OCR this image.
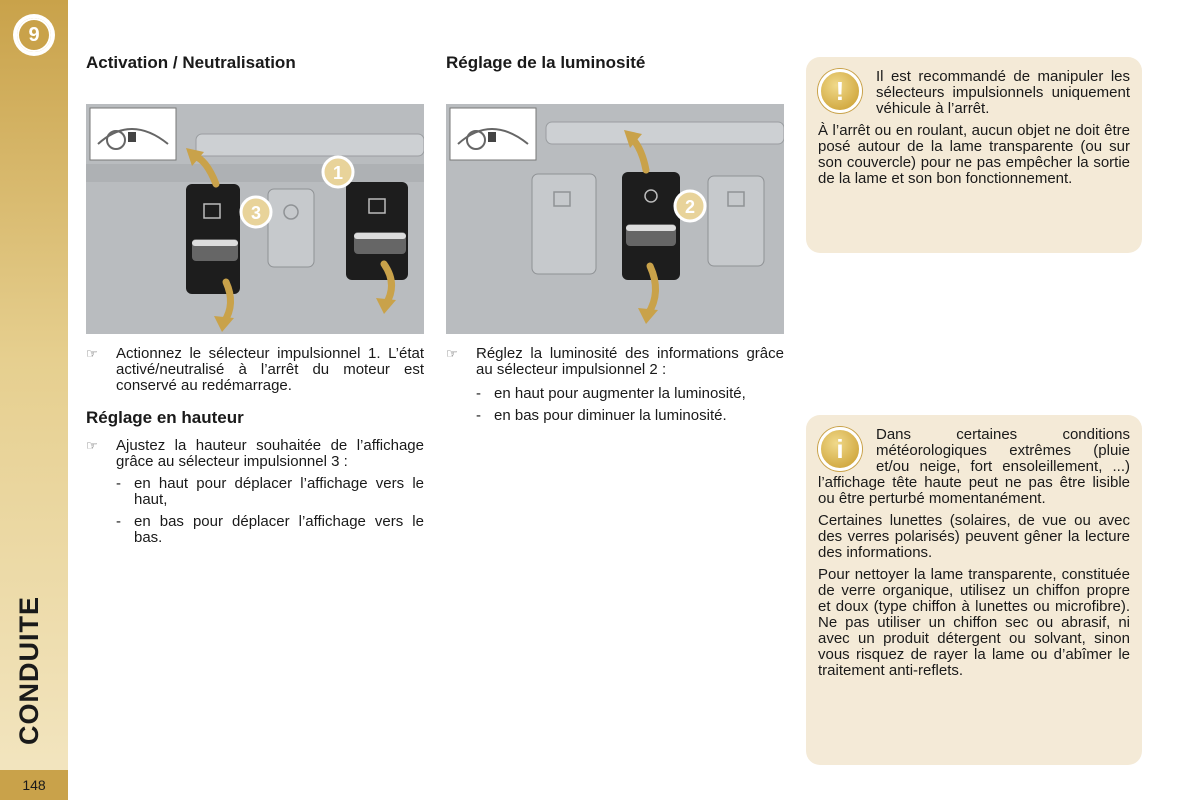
9
CONDUITE
148
Activation / Neutralisation
1
3
☞	Actionnez le sélecteur impulsionnel 1. L’état activé/neutralisé à l’arrêt du moteur est conservé au redémarrage.
Réglage en hauteur
☞	Ajustez la hauteur souhaitée de l’affichage grâce au sélecteur impulsionnel 3 :
- en haut pour déplacer l’affichage vers le haut,
- en bas pour déplacer l’affichage vers le bas.
Réglage de la luminosité
2
☞	Réglez la luminosité des informations grâce au sélecteur impulsionnel 2 :
- en haut pour augmenter la luminosité,
- en bas pour diminuer la luminosité.
!	Il est recommandé de manipuler les sélecteurs impulsionnels uniquement véhicule à l’arrêt.

À l’arrêt ou en roulant, aucun objet ne doit être posé autour de la lame transparente (ou sur son couvercle) pour ne pas empêcher la sortie de la lame et son bon fonctionnement.

i	Dans certaines conditions météorologiques extrêmes (pluie et/ou neige, fort ensoleillement, ...) l’affichage tête haute peut ne pas être lisible ou être perturbé momentanément.

Certaines lunettes (solaires, de vue ou avec des verres polarisés) peuvent gêner la lecture des informations.

Pour nettoyer la lame transparente, constituée de verre organique, utilisez un chiffon propre et doux (type chiffon à lunettes ou microfibre). Ne pas utiliser un chiffon sec ou abrasif, ni avec un produit détergent ou solvant, sinon vous risquez de rayer la lame ou d’abîmer le traitement anti-reflets.
